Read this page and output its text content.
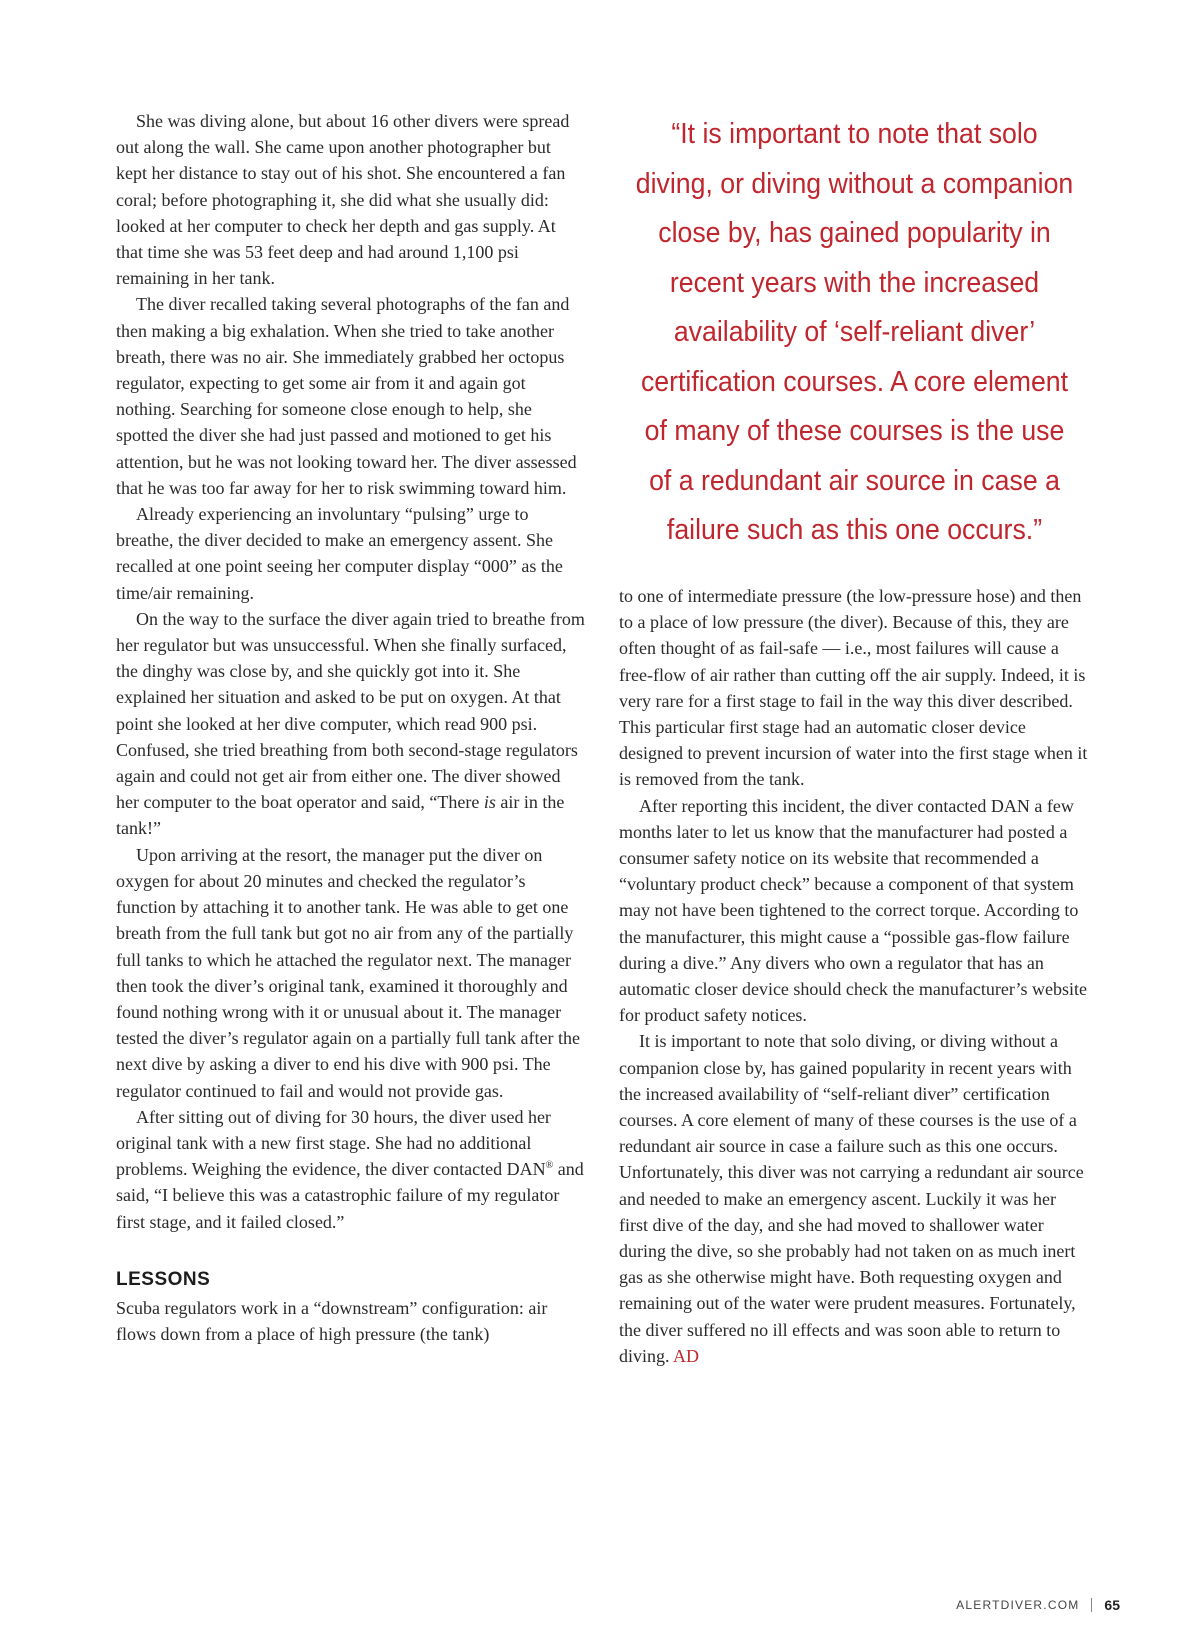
She was diving alone, but about 16 other divers were spread out along the wall. She came upon another photographer but kept her distance to stay out of his shot. She encountered a fan coral; before photographing it, she did what she usually did: looked at her computer to check her depth and gas supply. At that time she was 53 feet deep and had around 1,100 psi remaining in her tank.

The diver recalled taking several photographs of the fan and then making a big exhalation. When she tried to take another breath, there was no air. She immediately grabbed her octopus regulator, expecting to get some air from it and again got nothing. Searching for someone close enough to help, she spotted the diver she had just passed and motioned to get his attention, but he was not looking toward her. The diver assessed that he was too far away for her to risk swimming toward him.

Already experiencing an involuntary “pulsing” urge to breathe, the diver decided to make an emergency assent. She recalled at one point seeing her computer display “000” as the time/air remaining.

On the way to the surface the diver again tried to breathe from her regulator but was unsuccessful. When she finally surfaced, the dinghy was close by, and she quickly got into it. She explained her situation and asked to be put on oxygen. At that point she looked at her dive computer, which read 900 psi. Confused, she tried breathing from both second-stage regulators again and could not get air from either one. The diver showed her computer to the boat operator and said, “There is air in the tank!”

Upon arriving at the resort, the manager put the diver on oxygen for about 20 minutes and checked the regulator’s function by attaching it to another tank. He was able to get one breath from the full tank but got no air from any of the partially full tanks to which he attached the regulator next. The manager then took the diver’s original tank, examined it thoroughly and found nothing wrong with it or unusual about it. The manager tested the diver’s regulator again on a partially full tank after the next dive by asking a diver to end his dive with 900 psi. The regulator continued to fail and would not provide gas.

After sitting out of diving for 30 hours, the diver used her original tank with a new first stage. She had no additional problems. Weighing the evidence, the diver contacted DAN® and said, “I believe this was a catastrophic failure of my regulator first stage, and it failed closed.”

LESSONS

Scuba regulators work in a “downstream” configuration: air flows down from a place of high pressure (the tank)

“It is important to note that solo diving, or diving without a companion close by, has gained popularity in recent years with the increased availability of ‘self-reliant diver’ certification courses. A core element of many of these courses is the use of a redundant air source in case a failure such as this one occurs.”

to one of intermediate pressure (the low-pressure hose) and then to a place of low pressure (the diver). Because of this, they are often thought of as fail-safe — i.e., most failures will cause a free-flow of air rather than cutting off the air supply. Indeed, it is very rare for a first stage to fail in the way this diver described. This particular first stage had an automatic closer device designed to prevent incursion of water into the first stage when it is removed from the tank.

After reporting this incident, the diver contacted DAN a few months later to let us know that the manufacturer had posted a consumer safety notice on its website that recommended a “voluntary product check” because a component of that system may not have been tightened to the correct torque. According to the manufacturer, this might cause a “possible gas-flow failure during a dive.” Any divers who own a regulator that has an automatic closer device should check the manufacturer’s website for product safety notices.

It is important to note that solo diving, or diving without a companion close by, has gained popularity in recent years with the increased availability of “self-reliant diver” certification courses. A core element of many of these courses is the use of a redundant air source in case a failure such as this one occurs. Unfortunately, this diver was not carrying a redundant air source and needed to make an emergency ascent. Luckily it was her first dive of the day, and she had moved to shallower water during the dive, so she probably had not taken on as much inert gas as she otherwise might have. Both requesting oxygen and remaining out of the water were prudent measures. Fortunately, the diver suffered no ill effects and was soon able to return to diving. AD

ALERTDIVER.COM 65
